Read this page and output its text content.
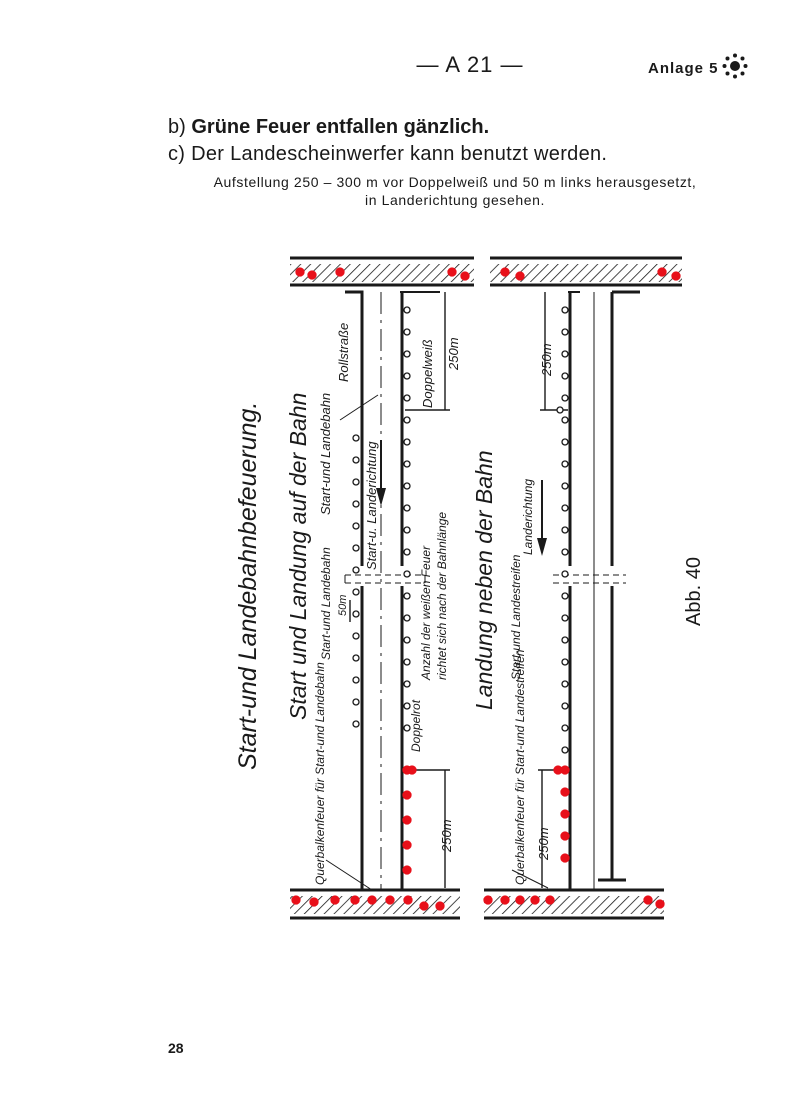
— A 21 —	Anlage 5
b) Grüne Feuer entfallen gänzlich.
c) Der Landescheinwerfer kann benutzt werden.
Aufstellung 250 – 300 m vor Doppelweiß und 50 m links herausgesetzt,
in Landerichtung gesehen.
Start-und Landebahnbefeuerung. Start und Landung auf der Bahn	Landung neben der Bahn	Abb. 40
Rollstraße
Start-und Landebahn Start-u. Landerichtung
Doppelweiß 250m
250m
250m
250m
Start-und Landebahn 50m	Anzahl der weißen Feuer richtet sich nach der Bahnlänge
Doppelrot
Querbalkenfeuer für Start-und Landebahn	Querbalkenfeuer für Start-und Landestreifen
Start-und Landestreifen
Landerichtung
28
